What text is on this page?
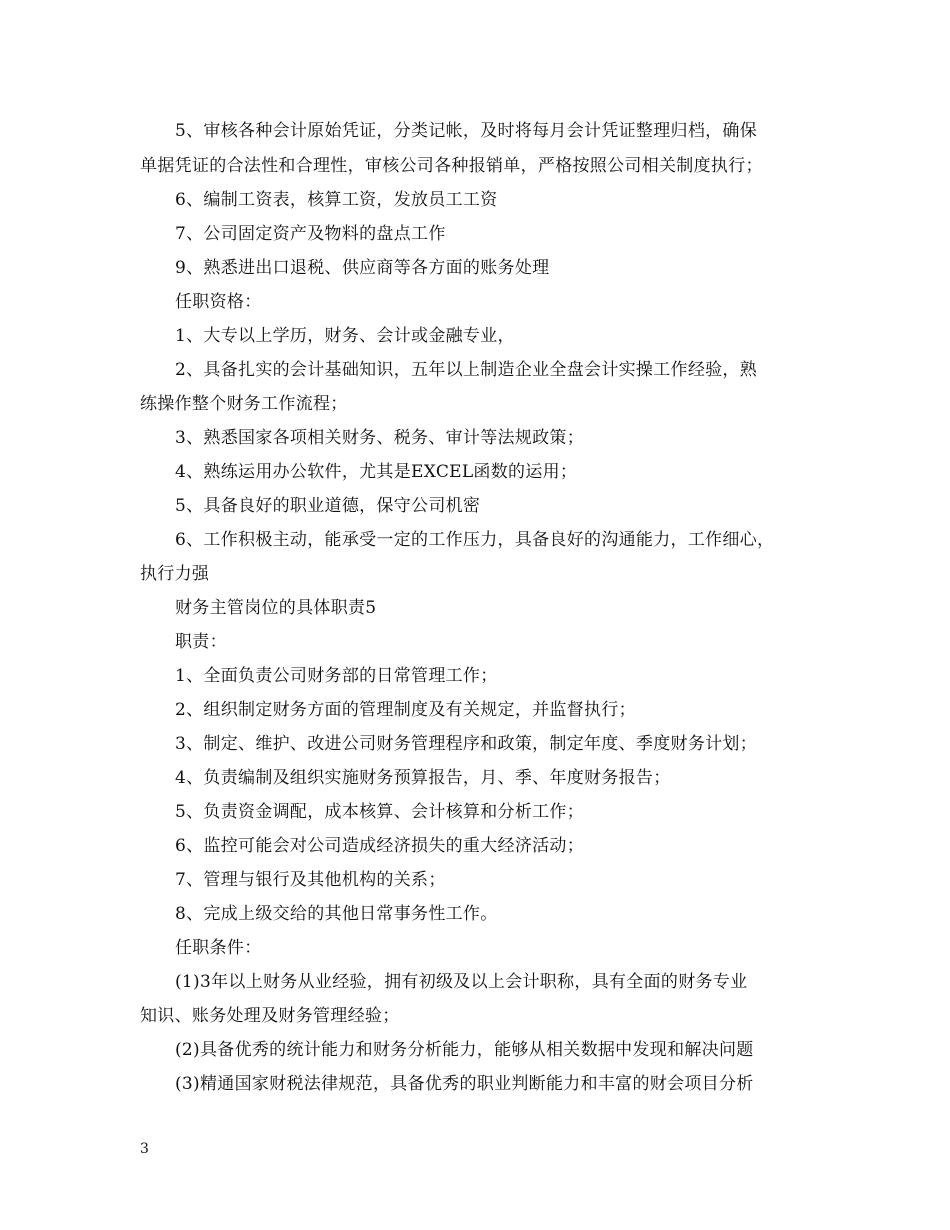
5、审核各种会计原始凭证，分类记帐，及时将每月会计凭证整理归档，确保
单据凭证的合法性和合理性，审核公司各种报销单，严格按照公司相关制度执行；
6、编制工资表，核算工资，发放员工工资
7、公司固定资产及物料的盘点工作
9、熟悉进出口退税、供应商等各方面的账务处理
任职资格：
1、大专以上学历，财务、会计或金融专业，
2、具备扎实的会计基础知识，五年以上制造企业全盘会计实操工作经验，熟
练操作整个财务工作流程；
3、熟悉国家各项相关财务、税务、审计等法规政策；
4、熟练运用办公软件，尤其是EXCEL函数的运用；
5、具备良好的职业道德，保守公司机密
6、工作积极主动，能承受一定的工作压力，具备良好的沟通能力，工作细心，
执行力强
财务主管岗位的具体职责5
职责：
1、全面负责公司财务部的日常管理工作；
2、组织制定财务方面的管理制度及有关规定，并监督执行；
3、制定、维护、改进公司财务管理程序和政策，制定年度、季度财务计划；
4、负责编制及组织实施财务预算报告，月、季、年度财务报告；
5、负责资金调配，成本核算、会计核算和分析工作；
6、监控可能会对公司造成经济损失的重大经济活动；
7、管理与银行及其他机构的关系；
8、完成上级交给的其他日常事务性工作。
任职条件：
(1)3年以上财务从业经验，拥有初级及以上会计职称，具有全面的财务专业
知识、账务处理及财务管理经验；
(2)具备优秀的统计能力和财务分析能力，能够从相关数据中发现和解决问题
(3)精通国家财税法律规范，具备优秀的职业判断能力和丰富的财会项目分析
3
